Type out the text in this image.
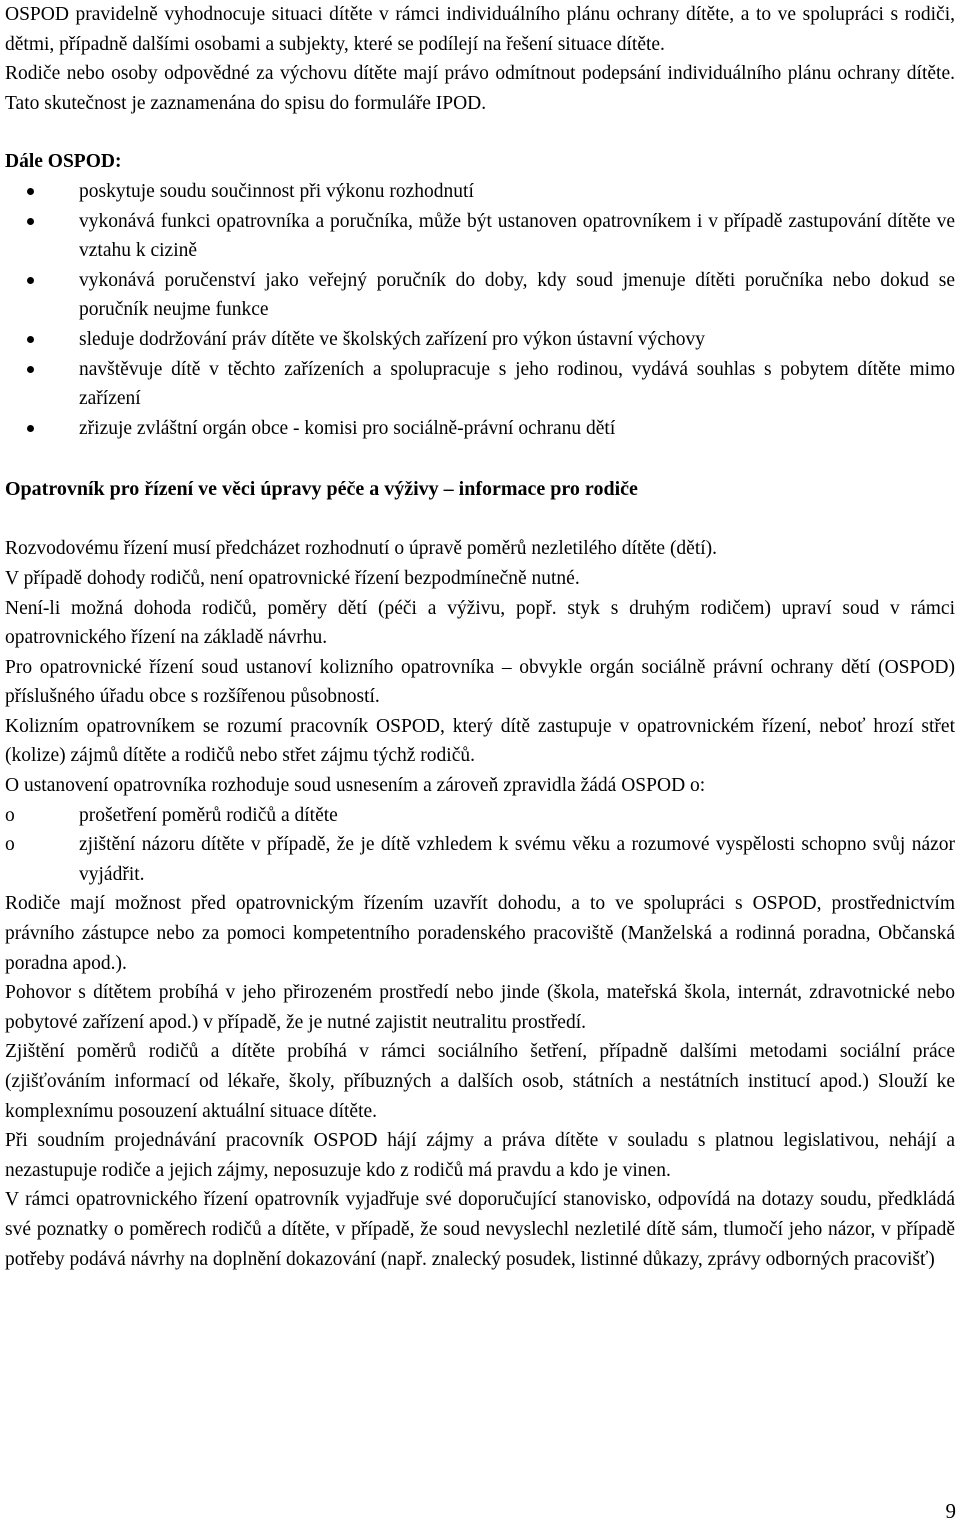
OSPOD pravidelně vyhodnocuje situaci dítěte v rámci individuálního plánu ochrany dítěte, a to ve spolupráci s rodiči, dětmi, případně dalšími osobami a subjekty, které se podílejí na řešení situace dítěte.

Rodiče nebo osoby odpovědné za výchovu dítěte mají právo odmítnout podepsání individuálního plánu ochrany dítěte. Tato skutečnost je zaznamenána do spisu do formuláře IPOD.

Dále OSPOD:

poskytuje soudu součinnost při výkonu rozhodnutí
vykonává funkci opatrovníka a poručníka, může být ustanoven opatrovníkem i v případě zastupování dítěte ve vztahu k cizině
vykonává poručenství jako veřejný poručník do doby, kdy soud jmenuje dítěti poručníka nebo dokud se poručník neujme funkce
sleduje dodržování práv dítěte ve školských zařízení pro výkon ústavní výchovy
navštěvuje dítě v těchto zařízeních a spolupracuje s jeho rodinou, vydává souhlas s pobytem dítěte mimo zařízení
zřizuje zvláštní orgán obce - komisi pro sociálně-právní ochranu dětí
Opatrovník pro řízení ve věci úpravy péče a výživy – informace pro rodiče

Rozvodovému řízení musí předcházet rozhodnutí o úpravě poměrů nezletilého dítěte (dětí).

V případě dohody rodičů, není opatrovnické řízení bezpodmínečně nutné.

Není-li možná dohoda rodičů, poměry dětí (péči a výživu, popř. styk s druhým rodičem) upraví soud v rámci opatrovnického řízení na základě návrhu.

Pro opatrovnické řízení soud ustanoví kolizního opatrovníka – obvykle orgán sociálně právní ochrany dětí (OSPOD) příslušného úřadu obce s rozšířenou působností.

Kolizním opatrovníkem se rozumí pracovník OSPOD, který dítě zastupuje v opatrovnickém řízení, neboť hrozí střet (kolize) zájmů dítěte a rodičů nebo střet zájmu týchž rodičů.

O ustanovení opatrovníka rozhoduje soud usnesením a zároveň zpravidla žádá OSPOD o:

o	prošetření poměrů rodičů a dítěte
o	zjištění názoru dítěte v případě, že je dítě vzhledem k svému věku a rozumové vyspělosti schopno svůj názor vyjádřit.

Rodiče mají možnost před opatrovnickým řízením uzavřít dohodu, a to ve spolupráci s OSPOD, prostřednictvím právního zástupce nebo za pomoci kompetentního poradenského pracoviště (Manželská a rodinná poradna, Občanská poradna apod.).

Pohovor s dítětem probíhá v jeho přirozeném prostředí nebo jinde (škola, mateřská škola, internát, zdravotnické nebo pobytové zařízení apod.) v případě, že je nutné zajistit neutralitu prostředí.

Zjištění poměrů rodičů a dítěte probíhá v rámci sociálního šetření, případně dalšími metodami sociální práce (zjišťováním informací od lékaře, školy, příbuzných a dalších osob, státních a nestátních institucí apod.) Slouží ke komplexnímu posouzení aktuální situace dítěte.

Při soudním projednávání pracovník OSPOD hájí zájmy a práva dítěte v souladu s platnou legislativou, nehájí a nezastupuje rodiče a jejich zájmy, neposuzuje kdo z rodičů má pravdu a kdo je vinen.

V rámci opatrovnického řízení opatrovník vyjadřuje své doporučující stanovisko, odpovídá na dotazy soudu, předkládá své poznatky o poměrech rodičů a dítěte, v případě, že soud nevyslechl nezletilé dítě sám, tlumočí jeho názor, v případě potřeby podává návrhy na doplnění dokazování (např. znalecký posudek, listinné důkazy, zprávy odborných pracovišť)

9
